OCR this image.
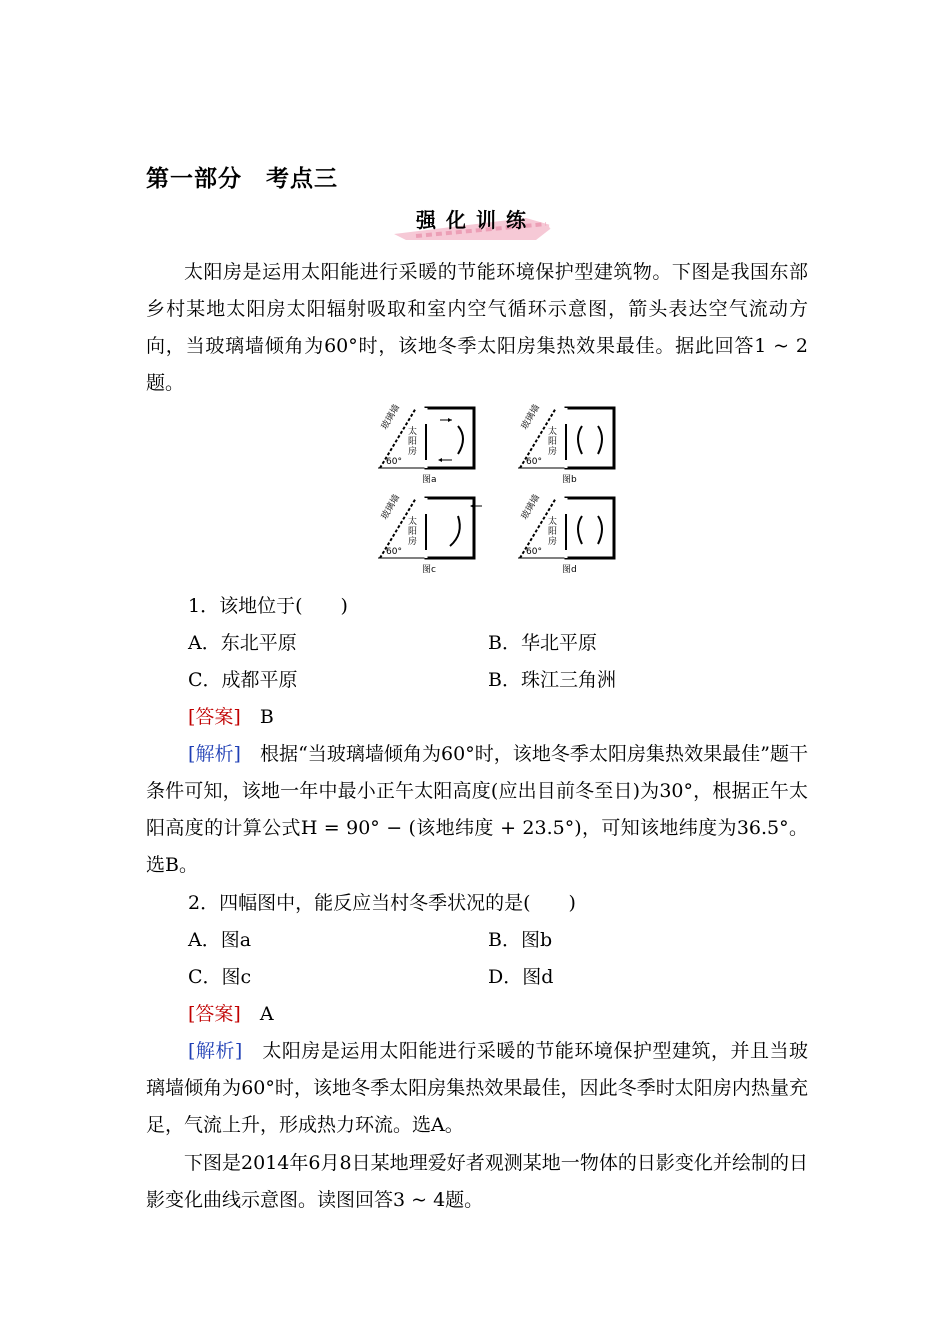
第一部分　考点三
强化训练
太阳房是运用太阳能进行采暖的节能环境保护型建筑物。下图是我国东部乡村某地太阳房太阳辐射吸取和室内空气循环示意图，箭头表达空气流动方向，当玻璃墙倾角为60°时，该地冬季太阳房集热效果最佳。据此回答1 ~ 2题。
玻璃墙
太
阳
房
60°
图a
玻璃墙
太
阳
房
60°
图b
玻璃墙
太
阳
房
60°
图c
玻璃墙
太
阳
房
60°
图d
1．该地位于(　　)
A．东北平原	B．华北平原
C．成都平原	B．珠江三角洲
[答案]　 B
[解析]　 根据“当玻璃墙倾角为60°时，该地冬季太阳房集热效果最佳”题干条件可知，该地一年中最小正午太阳高度(应出目前冬至日)为30°，根据正午太阳高度的计算公式H = 90° − (该地纬度 + 23.5°)，可知该地纬度为36.5°。选B。
2．四幅图中，能反应当村冬季状况的是(　　)
A．图a	B．图b
C．图c	D．图d
[答案]　 A
[解析]　 太阳房是运用太阳能进行采暖的节能环境保护型建筑，并且当玻璃墙倾角为60°时，该地冬季太阳房集热效果最佳，因此冬季时太阳房内热量充足，气流上升，形成热力环流。选A。
下图是2014年6月8日某地理爱好者观测某地一物体的日影变化并绘制的日影变化曲线示意图。读图回答3 ~ 4题。
